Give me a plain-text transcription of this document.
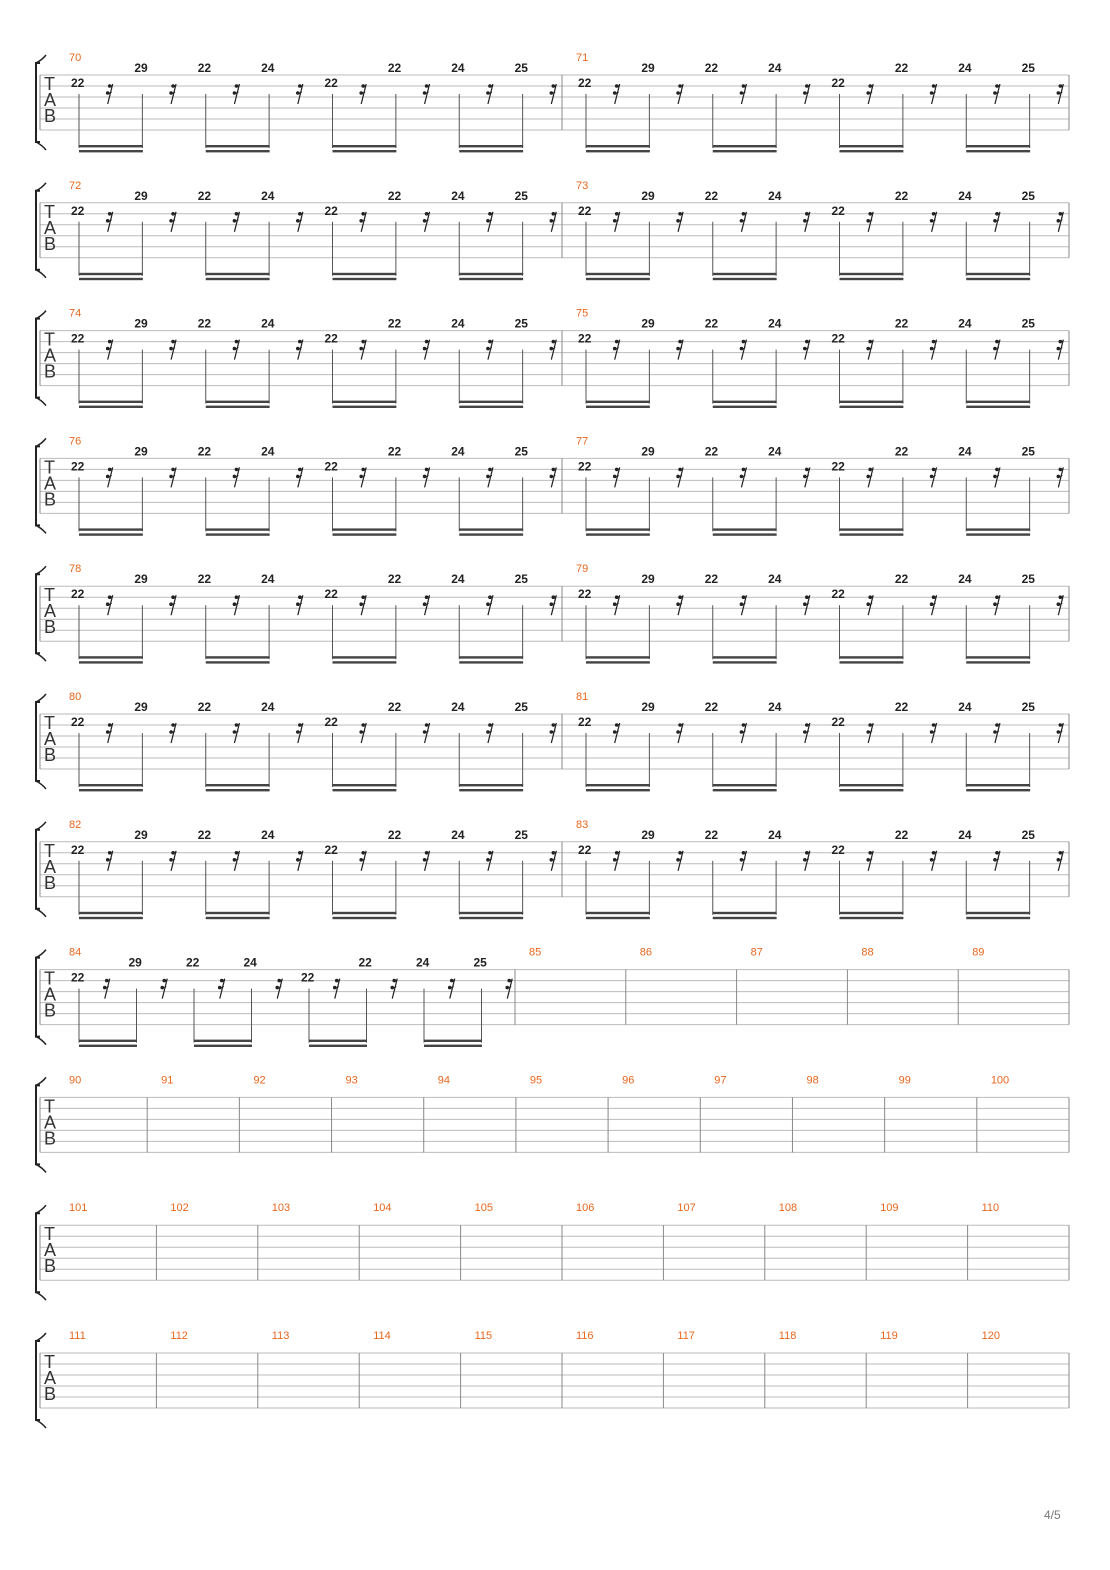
T
A
B
70
22
29	22	24
22
22	24	25
71
22
29	22	24
22
22	24	25
T
A
B
72
22
29	22	24
22
22	24	25
73
22
29	22	24
22
22	24	25
T
A
B
74
22
29	22	24
22
22	24	25
75
22
29	22	24
22
22	24	25
T
A
B
76
22
29	22	24
22
22	24	25
77
22
29	22	24
22
22	24	25
T
A
B
78
22
29	22	24
22
22	24	25
79
22
29	22	24
22
22	24	25
T
A
B
80
22
29	22	24
22
22	24	25
81
22
29	22	24
22
22	24	25
T
A
B
82
22
29	22	24
22
22	24	25
83
22
29	22	24
22
22	24	25
T
A
B
84
22
29	22	24
22
22	24	25
85	86	87	88	89
T
A
B
90	91	92	93	94	95	96	97	98	99	100
T
A
B
101	102	103	104	105	106	107	108	109	110
T
A
B
111	112	113	114	115	116	117	118	119	120
4/5
